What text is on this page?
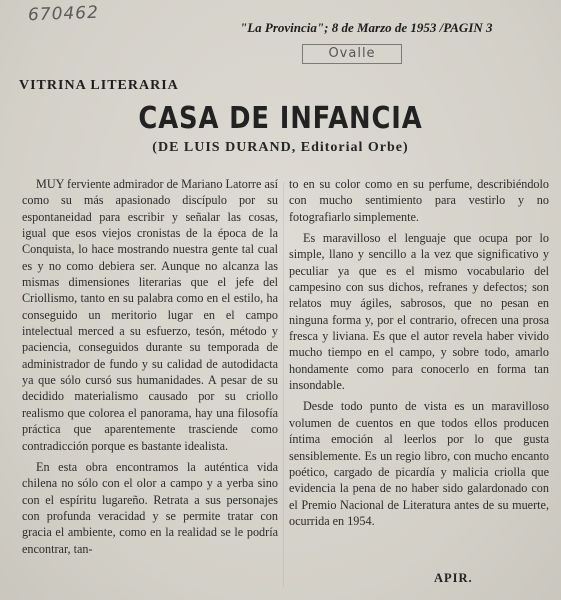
670462
"La Provincia"; 8 de Marzo de 1953 /PAGIN 3
Ovalle
VITRINA LITERARIA
CASA DE INFANCIA
(DE LUIS DURAND, Editorial Orbe)

MUY ferviente admirador de Mariano Latorre así como su más apasionado discípulo por su espontaneidad para escribir y señalar las cosas, igual que esos viejos cronistas de la época de la Conquista, lo hace mostrando nuestra gente tal cual es y no como debiera ser. Aunque no alcanza las mismas dimensiones literarias que el jefe del Criollismo, tanto en su palabra como en el estilo, ha conseguido un meritorio lugar en el campo intelectual merced a su esfuerzo, tesón, método y paciencia, conseguidos durante su temporada de administrador de fundo y su calidad de autodidacta ya que sólo cursó sus humanidades. A pesar de su decidido materialismo causado por su criollo realismo que colorea el panorama, hay una filosofía práctica que aparentemente trasciende como contradicción porque es bastante idealista.

En esta obra encontramos la auténtica vida chilena no sólo con el olor a campo y a yerba sino con el espíritu lugareño. Retrata a sus personajes con profunda veracidad y se permite tratar con gracia el ambiente, como en la realidad se le podría encontrar, tan-

to en su color como en su perfume, describiéndolo con mucho sentimiento para vestirlo y no fotografiarlo simplemente.

Es maravilloso el lenguaje que ocupa por lo simple, llano y sencillo a la vez que significativo y peculiar ya que es el mismo vocabulario del campesino con sus dichos, refranes y defectos; son relatos muy ágiles, sabrosos, que no pesan en ninguna forma y, por el contrario, ofrecen una prosa fresca y liviana. Es que el autor revela haber vivido mucho tiempo en el campo, y sobre todo, amarlo hondamente como para conocerlo en forma tan insondable.

Desde todo punto de vista es un maravilloso volumen de cuentos en que todos ellos producen íntima emoción al leerlos por lo que gusta sensiblemente. Es un regio libro, con mucho encanto poético, cargado de picardía y malicia criolla que evidencia la pena de no haber sido galardonado con el Premio Nacional de Literatura antes de su muerte, ocurrida en 1954.

APIR.
